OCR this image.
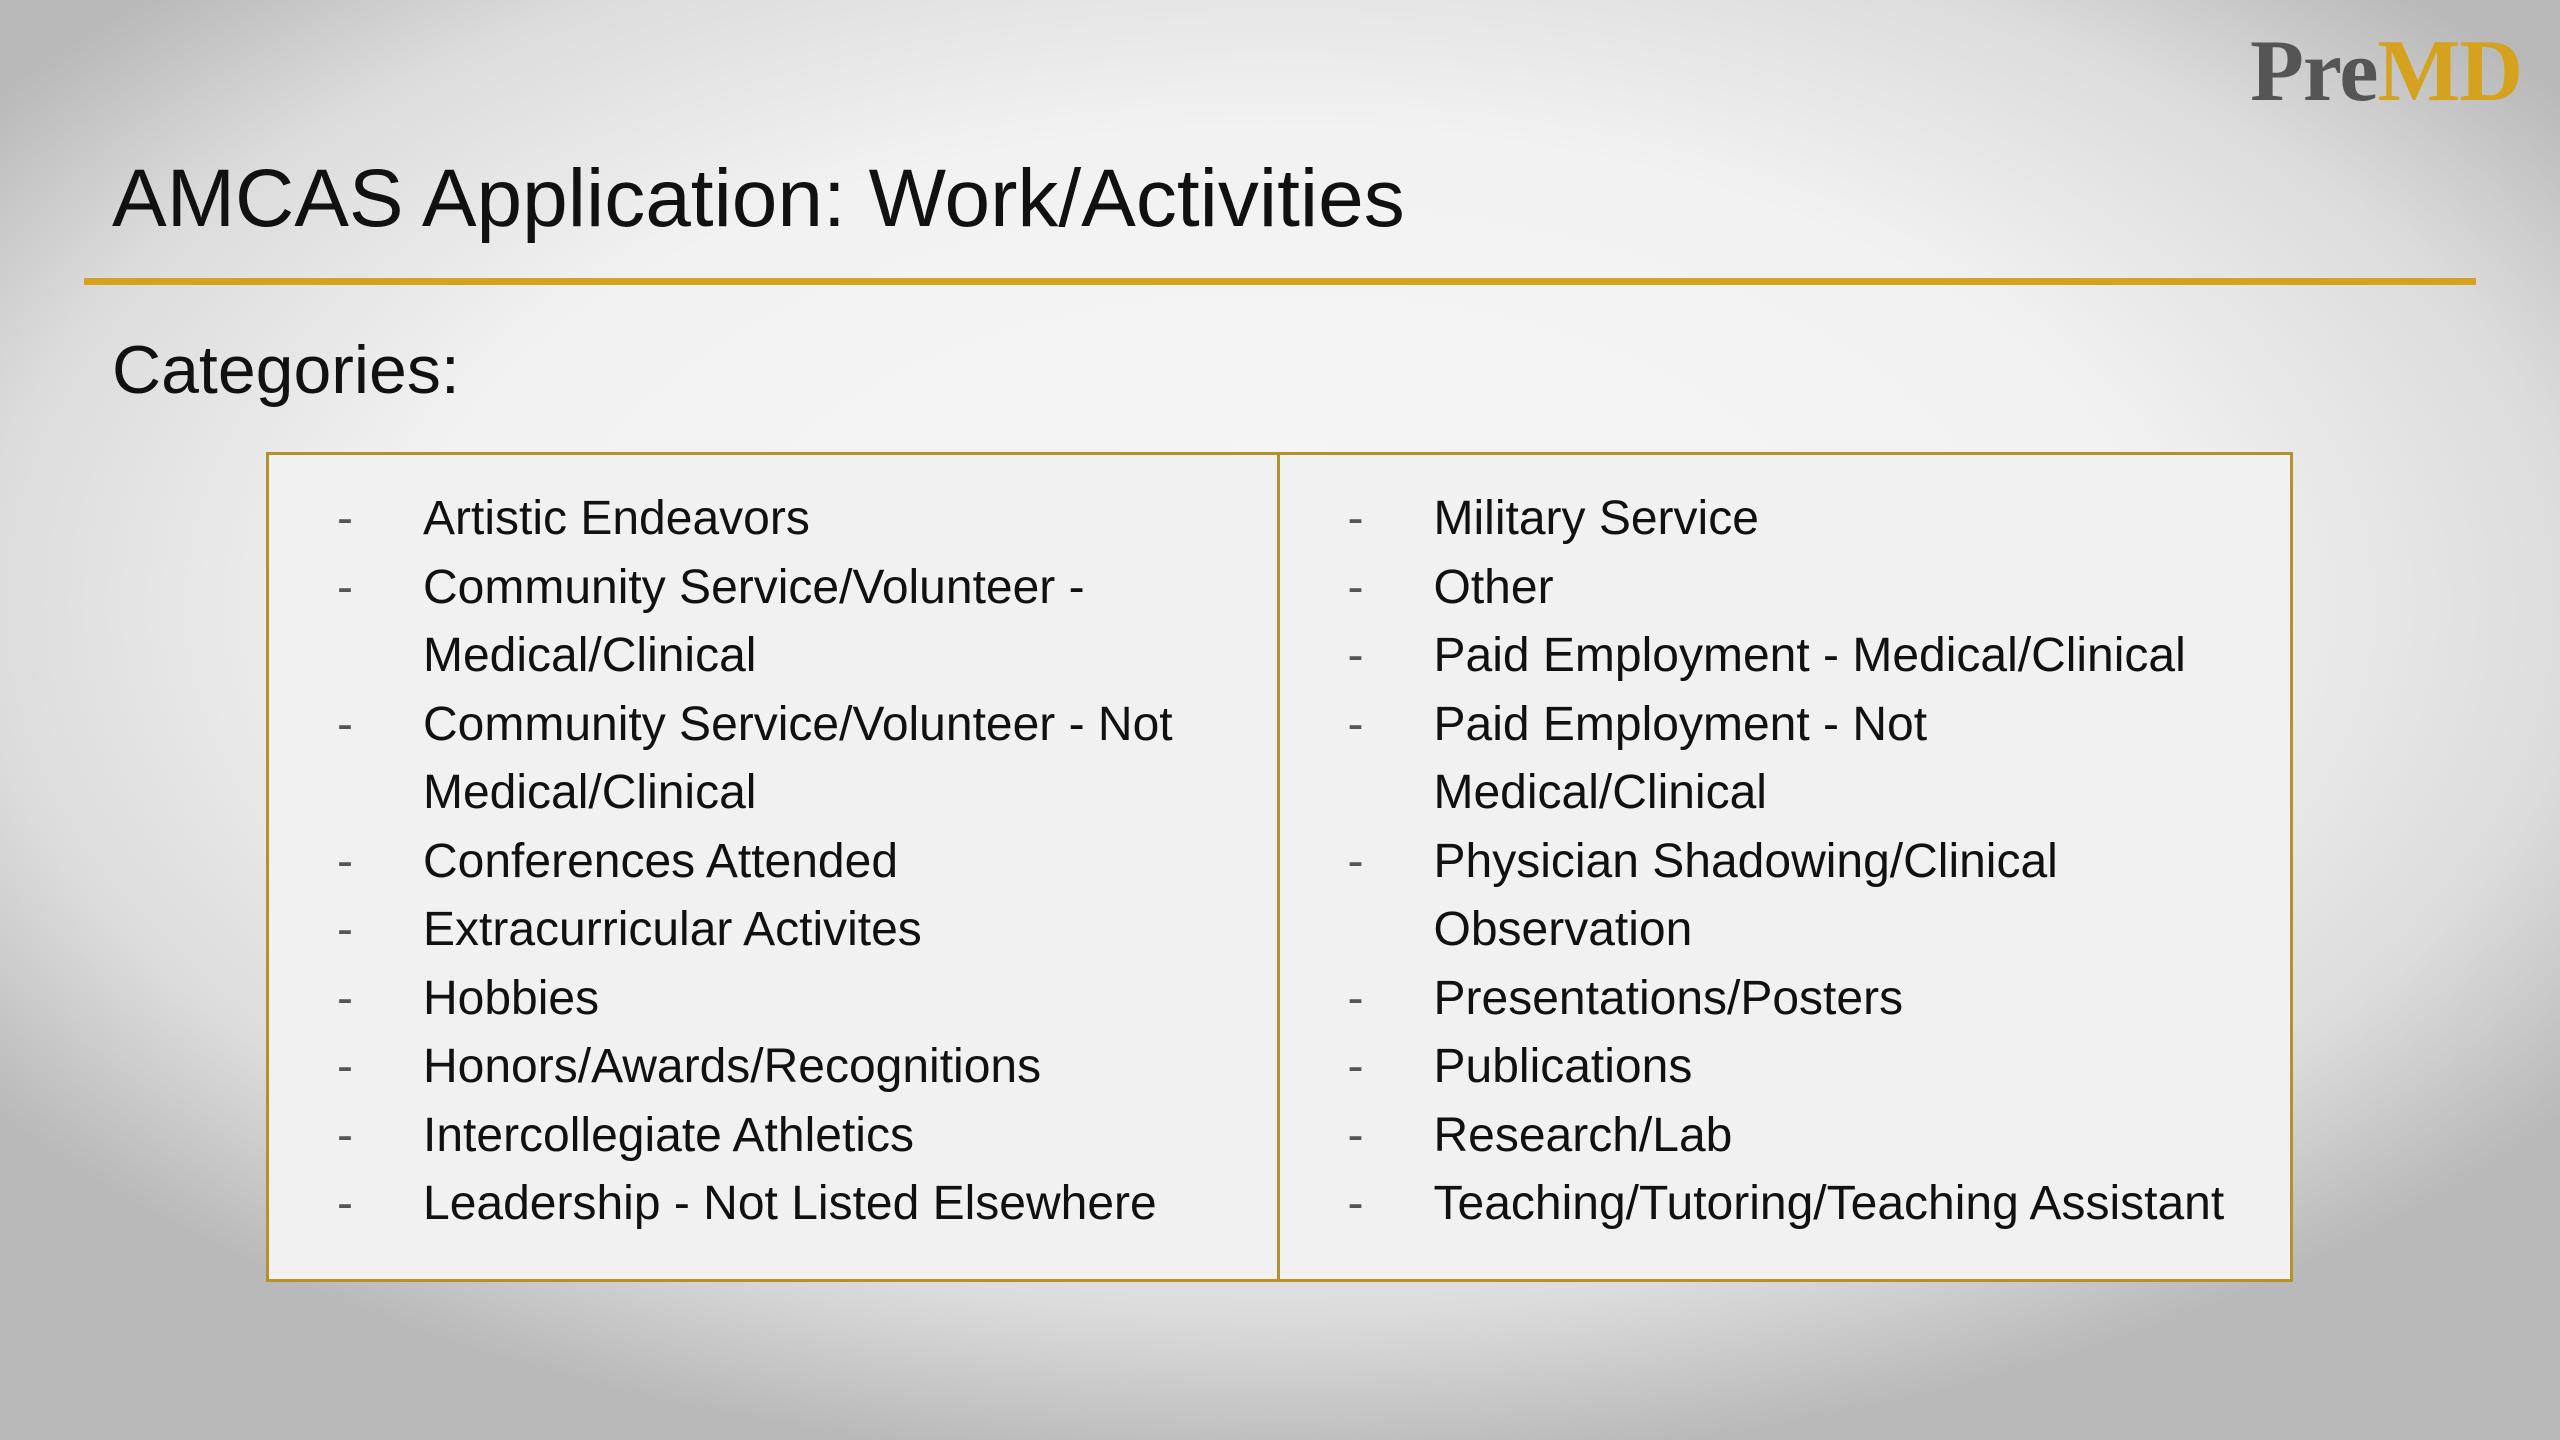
PreMD
AMCAS Application: Work/Activities
Categories:
-	Artistic Endeavors
-	Community Service/Volunteer - Medical/Clinical
-	Community Service/Volunteer - Not Medical/Clinical
-	Conferences Attended
-	Extracurricular Activites
-	Hobbies
-	Honors/Awards/Recognitions
-	Intercollegiate Athletics
-	Leadership - Not Listed Elsewhere
-	Military Service
-	Other
-	Paid Employment - Medical/Clinical
-	Paid Employment - Not Medical/Clinical
-	Physician Shadowing/Clinical Observation
-	Presentations/Posters
-	Publications
-	Research/Lab
-	Teaching/Tutoring/Teaching Assistant
